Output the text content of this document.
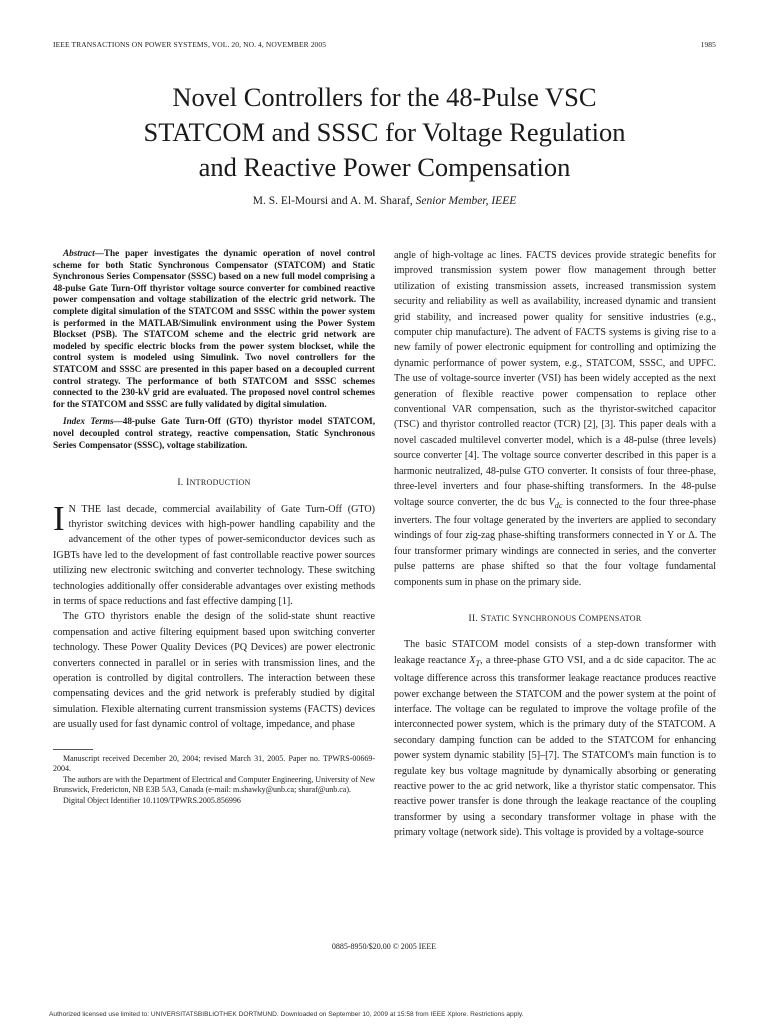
IEEE TRANSACTIONS ON POWER SYSTEMS, VOL. 20, NO. 4, NOVEMBER 2005	1985
Novel Controllers for the 48-Pulse VSC
STATCOM and SSSC for Voltage Regulation
and Reactive Power Compensation

M. S. El-Moursi and A. M. Sharaf, Senior Member, IEEE

Abstract—The paper investigates the dynamic operation of novel control scheme for both Static Synchronous Compensator (STATCOM) and Static Synchronous Series Compensator (SSSC) based on a new full model comprising a 48-pulse Gate Turn-Off thyristor voltage source converter for combined reactive power compensation and voltage stabilization of the electric grid network. The complete digital simulation of the STATCOM and SSSC within the power system is performed in the MATLAB/Simulink environment using the Power System Blockset (PSB). The STATCOM scheme and the electric grid network are modeled by specific electric blocks from the power system blockset, while the control system is modeled using Simulink. Two novel controllers for the STATCOM and SSSC are presented in this paper based on a decoupled current control strategy. The performance of both STATCOM and SSSC schemes connected to the 230-kV grid are evaluated. The proposed novel control schemes for the STATCOM and SSSC are fully validated by digital simulation.

Index Terms—48-pulse Gate Turn-Off (GTO) thyristor model STATCOM, novel decoupled control strategy, reactive compensation, Static Synchronous Series Compensator (SSSC), voltage stabilization.

I. INTRODUCTION

I N THE last decade, commercial availability of Gate Turn-Off (GTO) thyristor switching devices with high-power handling capability and the advancement of the other types of power-semiconductor devices such as IGBTs have led to the development of fast controllable reactive power sources utilizing new electronic switching and converter technology. These switching technologies additionally offer considerable advantages over existing methods in terms of space reductions and fast effective damping [1].

The GTO thyristors enable the design of the solid-state shunt reactive compensation and active filtering equipment based upon switching converter technology. These Power Quality Devices (PQ Devices) are power electronic converters connected in parallel or in series with transmission lines, and the operation is controlled by digital controllers. The interaction between these compensating devices and the grid network is preferably studied by digital simulation. Flexible alternating current transmission systems (FACTS) devices are usually used for fast dynamic control of voltage, impedance, and phase

Manuscript received December 20, 2004; revised March 31, 2005. Paper no. TPWRS-00669-2004.

The authors are with the Department of Electrical and Computer Engineering, University of New Brunswick, Fredericton, NB E3B 5A3, Canada (e-mail: m.shawky@unb.ca; sharaf@unb.ca).

Digital Object Identifier 10.1109/TPWRS.2005.856996

angle of high-voltage ac lines. FACTS devices provide strategic benefits for improved transmission system power flow management through better utilization of existing transmission assets, increased transmission system security and reliability as well as availability, increased dynamic and transient grid stability, and increased power quality for sensitive industries (e.g., computer chip manufacture). The advent of FACTS systems is giving rise to a new family of power electronic equipment for controlling and optimizing the dynamic performance of power system, e.g., STATCOM, SSSC, and UPFC. The use of voltage-source inverter (VSI) has been widely accepted as the next generation of flexible reactive power compensation to replace other conventional VAR compensation, such as the thyristor-switched capacitor (TSC) and thyristor controlled reactor (TCR) [2], [3]. This paper deals with a novel cascaded multilevel converter model, which is a 48-pulse (three levels) source converter [4]. The voltage source converter described in this paper is a harmonic neutralized, 48-pulse GTO converter. It consists of four three-phase, three-level inverters and four phase-shifting transformers. In the 48-pulse voltage source converter, the dc bus $V_{dc}$ is connected to the four three-phase inverters. The four voltage generated by the inverters are applied to secondary windings of four zig-zag phase-shifting transformers connected in Y or Δ. The four transformer primary windings are connected in series, and the converter pulse patterns are phase shifted so that the four voltage fundamental components sum in phase on the primary side.

II. STATIC SYNCHRONOUS COMPENSATOR

The basic STATCOM model consists of a step-down transformer with leakage reactance $X_T$, a three-phase GTO VSI, and a dc side capacitor. The ac voltage difference across this transformer leakage reactance produces reactive power exchange between the STATCOM and the power system at the point of interface. The voltage can be regulated to improve the voltage profile of the interconnected power system, which is the primary duty of the STATCOM. A secondary damping function can be added to the STATCOM for enhancing power system dynamic stability [5]–[7]. The STATCOM's main function is to regulate key bus voltage magnitude by dynamically absorbing or generating reactive power to the ac grid network, like a thyristor static compensator. This reactive power transfer is done through the leakage reactance of the coupling transformer by using a secondary transformer voltage in phase with the primary voltage (network side). This voltage is provided by a voltage-source

0885-8950/$20.00 © 2005 IEEE
Authorized licensed use limited to: UNIVERSITATSBIBLIOTHEK DORTMUND. Downloaded on September 10, 2009 at 15:58 from IEEE Xplore. Restrictions apply.
